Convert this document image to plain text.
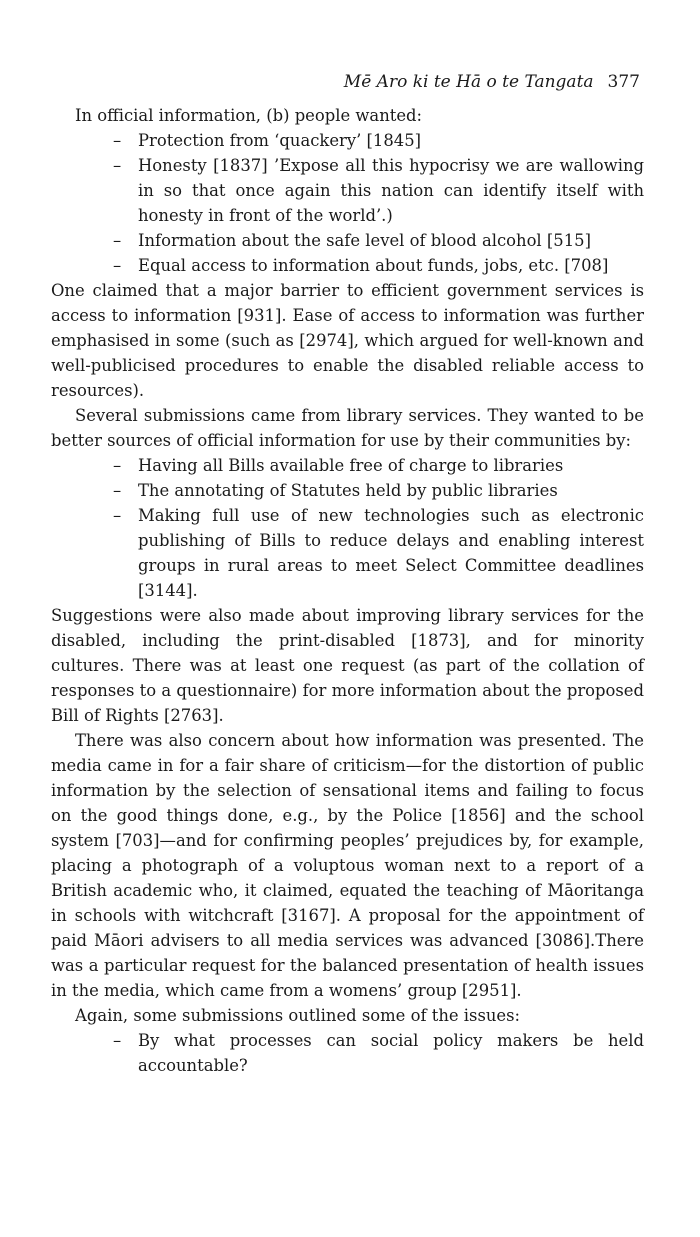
Mē Aro ki te Hā o te Tangata 377

In official information, (b) people wanted:

– Protection from ‘quackery’ [1845]
– Honesty [1837] ’Expose all this hypocrisy we are wallowing in so that once again this nation can identify itself with honesty in front of the world’.)
– Information about the safe level of blood alcohol [515]
– Equal access to information about funds, jobs, etc. [708]

One claimed that a major barrier to efficient government services is access to information [931]. Ease of access to information was further emphasised in some (such as [2974], which argued for well-known and well-publicised procedures to enable the disabled reliable access to resources).

Several submissions came from library services. They wanted to be better sources of official information for use by their communities by:

– Having all Bills available free of charge to libraries
– The annotating of Statutes held by public libraries
– Making full use of new technologies such as electronic publishing of Bills to reduce delays and enabling interest groups in rural areas to meet Select Committee deadlines [3144].

Suggestions were also made about improving library services for the disabled, including the print-disabled [1873], and for minority cultures. There was at least one request (as part of the collation of responses to a questionnaire) for more information about the proposed Bill of Rights [2763].

There was also concern about how information was presented. The media came in for a fair share of criticism—for the distortion of public information by the selection of sensational items and failing to focus on the good things done, e.g., by the Police [1856] and the school system [703]—and for confirming peoples’ prejudices by, for example, placing a photograph of a voluptous woman next to a report of a British academic who, it claimed, equated the teaching of Māoritanga in schools with witchcraft [3167]. A proposal for the appointment of paid Māori advisers to all media services was advanced [3086].There was a particular request for the balanced presentation of health issues in the media, which came from a womens’ group [2951].

Again, some submissions outlined some of the issues:

– By what processes can social policy makers be held accountable?
